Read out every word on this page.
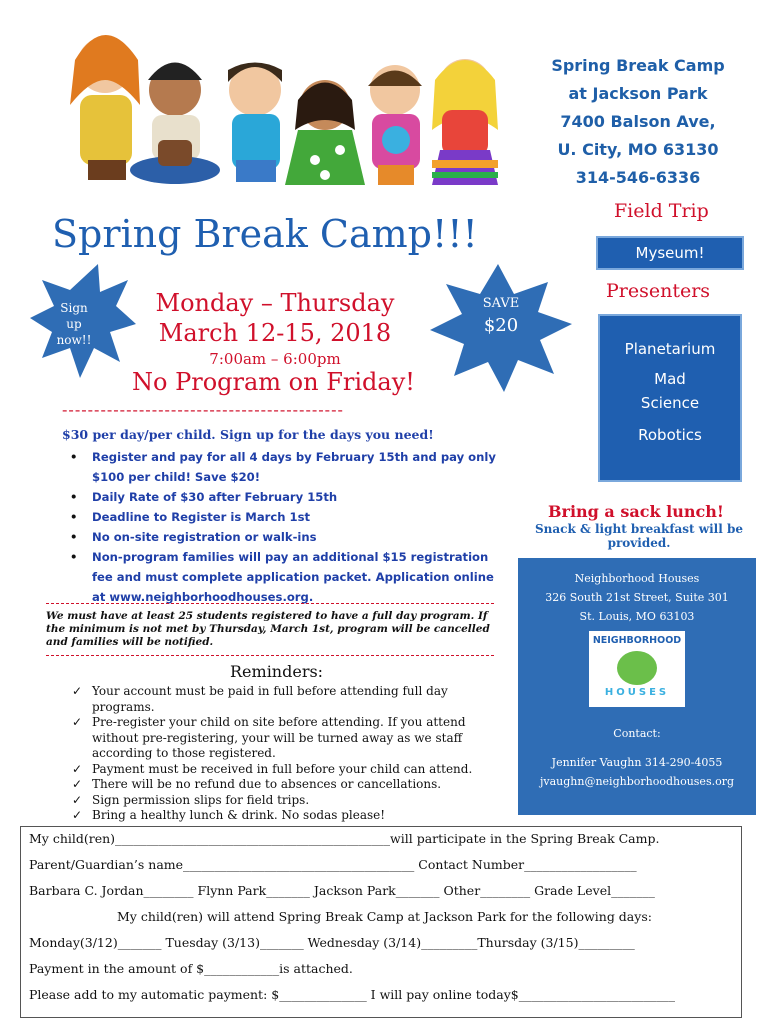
Spring Break Camp
at Jackson Park
7400 Balson Ave,
U. City, MO 63130
314-546-6336
Spring Break Camp!!!
Sign
up
now!!
SAVE
$20
Monday – Thursday
March 12-15, 2018
7:00am – 6:00pm
No Program on Friday!
--------------------------------------------
$30 per day/per child. Sign up for the days you need!
• Register and pay for all 4 days by February 15th and pay only $100 per child! Save $20!
• Daily Rate of $30 after February 15th
• Deadline to Register is March 1st
• No on-site registration or walk-ins
• Non-program families will pay an additional $15 registration fee and must complete application packet. Application online at www.neighborhoodhouses.org.
We must have at least 25 students registered to have a full day program. If the minimum is not met by Thursday, March 1st, program will be cancelled and families will be notified.
Reminders:
✓ Your account must be paid in full before attending full day programs.
✓ Pre-register your child on site before attending. If you attend without pre-registering, your will be turned away as we staff according to those registered.
✓ Payment must be received in full before your child can attend.
✓ There will be no refund due to absences or cancellations.
✓ Sign permission slips for field trips.
✓ Bring a healthy lunch & drink. No sodas please!
Field Trip
Myseum!
Presenters
Planetarium
Mad
Science
Robotics
Bring a sack lunch!
Snack & light breakfast will be provided.
Neighborhood Houses
326 South 21st Street, Suite 301
St. Louis, MO 63103
NEIGHBORHOOD
HOUSES
Contact:
Jennifer Vaughn 314-290-4055
jvaughn@neighborhoodhouses.org
My child(ren)____________________________________________will participate in the Spring Break Camp.
Parent/Guardian’s name_____________________________________ Contact Number__________________
Barbara C. Jordan________ Flynn Park_______ Jackson Park_______ Other________ Grade Level_______
My child(ren) will attend Spring Break Camp at Jackson Park for the following days:
Monday(3/12)_______ Tuesday (3/13)_______ Wednesday (3/14)_________Thursday (3/15)_________
Payment in the amount of $____________is attached.
Please add to my automatic payment: $______________ I will pay online today$_________________________
